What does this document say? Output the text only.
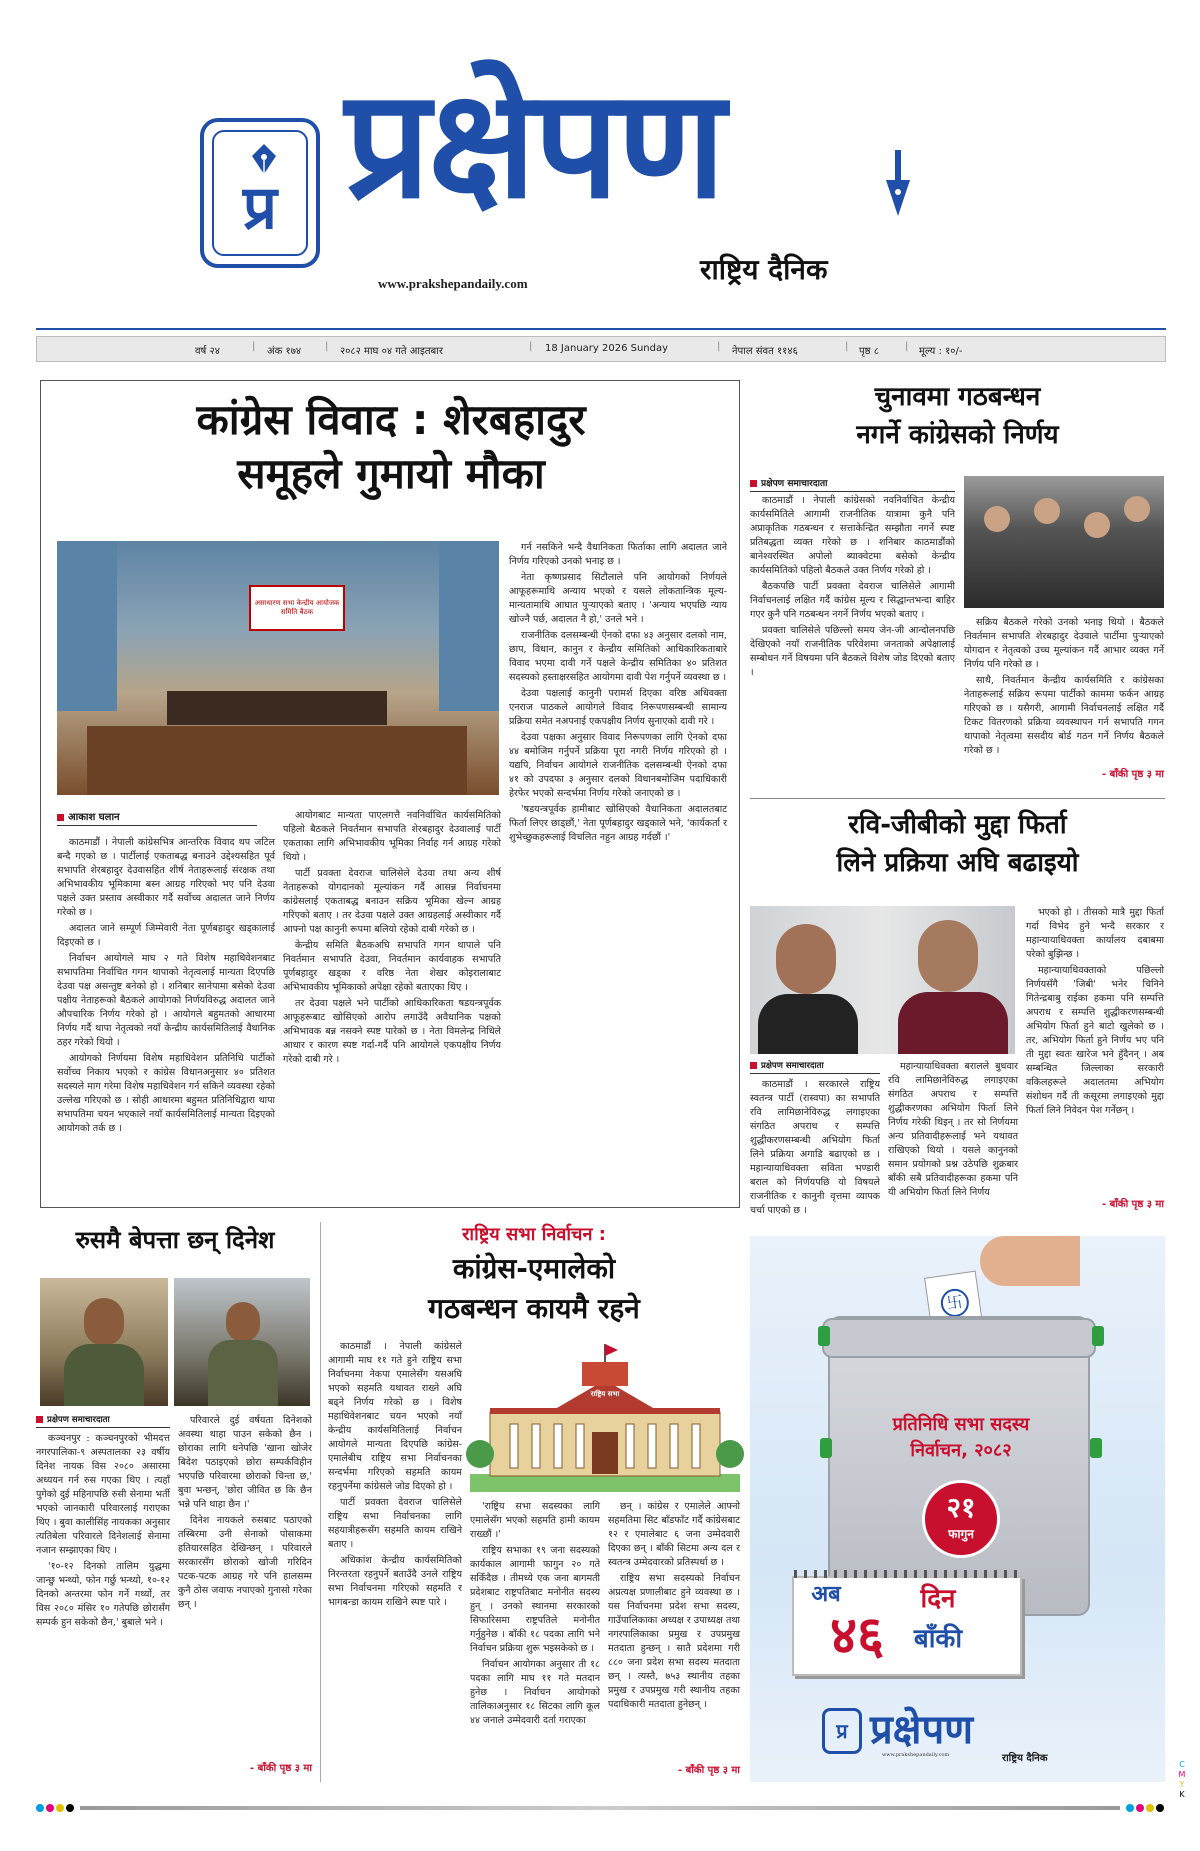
प्र प्रक्षेपण
राष्ट्रिय दैनिक
www.prakshepandaily.com
वर्ष २४	| अंक १७४ | २०८२ माघ ०४ गते आइतबार	| 18 January 2026 Sunday	| नेपाल संवत ११४६	| पृष्ठ ८	| मूल्य : १०/-
कांग्रेस विवाद : शेरबहादुर
समूहले गुमायो मौका
असाधारण सभा केन्द्रीय आयोजक समिति बैठक
आकाश घलान

काठमाडौं । नेपाली कांग्रेसभित्र आन्तरिक विवाद थप जटिल बन्दै गएको छ । पार्टीलाई एकताबद्ध बनाउने उद्देश्यसहित पूर्व सभापति शेरबहादुर देउवासहित शीर्ष नेताहरूलाई संरक्षक तथा अभिभावकीय भूमिकामा बस्न आग्रह गरिएको भए पनि देउवा पक्षले उक्त प्रस्ताव अस्वीकार गर्दै सर्वोच्च अदालत जाने निर्णय गरेको छ ।

अदालत जाने सम्पूर्ण जिम्मेवारी नेता पूर्णबहादुर खड्कालाई दिइएको छ ।

निर्वाचन आयोगले माघ २ गते विशेष महाधिवेशनबाट सभापतिमा निर्वाचित गगन थापाको नेतृत्वलाई मान्यता दिएपछि देउवा पक्ष असन्तुष्ट बनेको हो । शनिबार सानेपामा बसेको देउवा पक्षीय नेताहरूको बैठकले आयोगको निर्णयविरुद्ध अदालत जाने औपचारिक निर्णय गरेको हो । आयोगले बहुमतको आधारमा निर्णय गर्दै थापा नेतृत्वको नयाँ केन्द्रीय कार्यसमितिलाई वैधानिक ठहर गरेको थियो ।

आयोगको निर्णयमा विशेष महाधिवेशन प्रतिनिधि पार्टीको सर्वोच्च निकाय भएको र कांग्रेस विधानअनुसार ४० प्रतिशत सदस्यले माग गरेमा विशेष महाधिवेशन गर्न सकिने व्यवस्था रहेको उल्लेख गरिएको छ । सोही आधारमा बहुमत प्रतिनिधिद्वारा थापा सभापतिमा चयन भएकाले नयाँ कार्यसमितिलाई मान्यता दिइएको आयोगको तर्क छ ।

आयोगबाट मान्यता पाएलगत्तै नवनिर्वाचित कार्यसमितिको पहिलो बैठकले निवर्तमान सभापति शेरबहादुर देउवालाई पार्टी एकताका लागि अभिभावकीय भूमिका निर्वाह गर्न आग्रह गरेको थियो ।

पार्टी प्रवक्ता देवराज चालिसेले देउवा तथा अन्य शीर्ष नेताहरूको योगदानको मूल्यांकन गर्दै आसन्न निर्वाचनमा कांग्रेसलाई एकताबद्ध बनाउन सक्रिय भूमिका खेल्न आग्रह गरिएको बताए । तर देउवा पक्षले उक्त आग्रहलाई अस्वीकार गर्दै आफ्नो पक्ष कानुनी रूपमा बलियो रहेको दाबी गरेको छ ।

केन्द्रीय समिति बैठकअघि सभापति गगन थापाले पनि निवर्तमान सभापति देउवा, निवर्तमान कार्यवाहक सभापति पूर्णबहादुर खड्का र वरिष्ठ नेता शेखर कोइरालाबाट अभिभावकीय भूमिकाको अपेक्षा रहेको बताएका थिए ।

तर देउवा पक्षले भने पार्टीको आधिकारिकता षडयन्त्रपूर्वक आफूहरूबाट खोसिएको आरोप लगाउँदै अवैधानिक पक्षको अभिभावक बन्न नसक्ने स्पष्ट पारेको छ । नेता विमलेन्द्र निधिले आधार र कारण स्पष्ट गर्दा-गर्दै पनि आयोगले एकपक्षीय निर्णय गरेको दाबी गरे ।

गर्न नसकिने भन्दै वैधानिकता फिर्ताका लागि अदालत जाने निर्णय गरिएको उनको भनाइ छ ।

नेता कृष्णप्रसाद सिटौलाले पनि आयोगको निर्णयले आफूहरूमाथि अन्याय भएको र यसले लोकतान्त्रिक मूल्य-मान्यतामाथि आघात पुऱ्याएको बताए । 'अन्याय भएपछि न्याय खोज्नै पर्छ, अदालत नै हो,' उनले भने ।

राजनीतिक दलसम्बन्धी ऐनको दफा ४३ अनुसार दलको नाम, छाप, विधान, कानुन र केन्द्रीय समितिको आधिकारिकताबारे विवाद भएमा दावी गर्ने पक्षले केन्द्रीय समितिका ४० प्रतिशत सदस्यको हस्ताक्षरसहित आयोगमा दावी पेश गर्नुपर्ने व्यवस्था छ ।

देउवा पक्षलाई कानुनी परामर्श दिएका वरिष्ठ अधिवक्ता एनराज पाठकले आयोगले विवाद निरूपणसम्बन्धी सामान्य प्रक्रिया समेत नअपनाई एकपक्षीय निर्णय सुनाएको दावी गरे ।

देउवा पक्षका अनुसार विवाद निरूपणका लागि ऐनको दफा ४४ बमोजिम गर्नुपर्ने प्रक्रिया पूरा नगरी निर्णय गरिएको हो । यद्यपि, निर्वाचन आयोगले राजनीतिक दलसम्बन्धी ऐनको दफा ४१ को उपदफा ३ अनुसार दलको विधानबमोजिम पदाधिकारी हेरफेर भएको सन्दर्भमा निर्णय गरेको जनाएको छ ।

'षडयन्त्रपूर्वक हामीबाट खोसिएको वैधानिकता अदालतबाट फिर्ता लिएर छाड्छौं,' नेता पूर्णबहादुर खड्काले भने, 'कार्यकर्ता र शुभेच्छुकहरूलाई विचलित नहुन आग्रह गर्दछौं ।'

चुनावमा गठबन्धन
नगर्ने कांग्रेसको निर्णय
प्रक्षेपण समाचारदाता

काठमाडौं । नेपाली कांग्रेसको नवनिर्वाचित केन्द्रीय कार्यसमितिले आगामी राजनीतिक यात्रामा कुनै पनि अप्राकृतिक गठबन्धन र सत्ताकेन्द्रित सम्झौता नगर्ने स्पष्ट प्रतिबद्धता व्यक्त गरेको छ । शनिबार काठमाडौंको बानेश्वरस्थित अपोलो ब्याक्वेटमा बसेको केन्द्रीय कार्यसमितिको पहिलो बैठकले उक्त निर्णय गरेको हो ।

बैठकपछि पार्टी प्रवक्ता देवराज चालिसेले आगामी निर्वाचनलाई लक्षित गर्दै कांग्रेस मूल्य र सिद्धान्तभन्दा बाहिर गएर कुनै पनि गठबन्धन नगर्ने निर्णय भएको बताए ।

प्रवक्ता चालिसेले पछिल्लो समय जेन-जी आन्दोलनपछि देखिएको नयाँ राजनीतिक परिवेशमा जनताको अपेक्षालाई सम्बोधन गर्ने विषयमा पनि बैठकले विशेष जोड दिएको बताए ।

सक्रिय बैठकले गरेको उनको भनाइ थियो । बैठकले निवर्तमान सभापति शेरबहादुर देउवाले पार्टीमा पुऱ्याएको योगदान र नेतृत्वको उच्च मूल्यांकन गर्दै आभार व्यक्त गर्ने निर्णय पनि गरेको छ ।

साथै, निवर्तमान केन्द्रीय कार्यसमिति र कांग्रेसका नेताहरूलाई सक्रिय रूपमा पार्टीको काममा फर्कन आग्रह गरिएको छ । यसैगरी, आगामी निर्वाचनलाई लक्षित गर्दै टिकट वितरणको प्रक्रिया व्यवस्थापन गर्न सभापति गगन थापाको नेतृत्वमा ससदीय बोर्ड गठन गर्ने निर्णय बैठकले गरेको छ ।

- बाँकी पृष्ठ ३ मा
रवि-जीबीको मुद्दा फिर्ता
लिने प्रक्रिया अघि बढाइयो
प्रक्षेपण समाचारदाता

काठमाडौं । सरकारले राष्ट्रिय स्वतन्त्र पार्टी (रास्वपा) का सभापति रवि लामिछानेविरुद्ध लगाइएका संगठित अपराध र सम्पत्ति शुद्धीकरणसम्बन्धी अभियोग फिर्ता लिने प्रक्रिया अगाडि बढाएको छ । महान्यायाधिवक्ता सविता भण्डारी बराल को निर्णयपछि यो विषयले राजनीतिक र कानुनी वृत्तमा व्यापक चर्चा पाएको छ ।

महान्यायाधिवक्ता बरालले बुधवार रवि लामिछानेविरुद्ध लगाइएका संगठित अपराध र सम्पत्ति शुद्धीकरणका अभियोग फिर्ता लिने निर्णय गरेकी थिइन् । तर सो निर्णयमा अन्य प्रतिवादीहरूलाई भने यथावत राखिएको थियो । यसले कानुनको समान प्रयोगको प्रश्न उठेपछि शुक्रबार बाँकी सबै प्रतिवादीहरूका हकमा पनि यी अभियोग फिर्ता लिने निर्णय

भएको हो । तीसको मात्रै मुद्दा फिर्ता गर्दा विभेद हुने भन्दै सरकार र महान्यायाधिवक्ता कार्यालय दबाबमा परेको बुझिन्छ ।

महान्यायाधिवक्ताको पछिल्लो निर्णयसँगै 'जिबी' भनेर चिनिने गितेन्द्रबाबु राईका हकमा पनि सम्पत्ति अपराध र सम्पत्ति शुद्धीकरणसम्बन्धी अभियोग फिर्ता हुने बाटो खुलेको छ । तर, अभियोग फिर्ता हुने निर्णय भए पनि ती मुद्दा स्वतः खारेज भने हुँदैनन् । अब सम्बन्धित जिल्लाका सरकारी वकिलहरूले अदालतमा अभियोग संशोधन गर्दै ती कसूरमा लगाइएको मुद्दा फिर्ता लिने निवेदन पेश गर्नेछन् ।

- बाँकी पृष्ठ ३ मा
रुसमै बेपत्ता छन् दिनेश
प्रक्षेपण समाचारदाता

कञ्चनपुर : कञ्चनपुरको भीमदत्त नगरपालिका-९ अस्पतालका २३ वर्षीय दिनेश नायक विस २०८० असारमा अध्ययन गर्न रुस गएका थिए । त्यहाँ पुगेको दुई महिनापछि रुसी सेनामा भर्ती भएको जानकारी परिवारलाई गराएका थिए । बुवा कालीसिंह नायकका अनुसार त्यतिबेला परिवारले दिनेशलाई सेनामा नजान सम्झाएका थिए ।

'१०-१२ दिनको तालिम युद्धमा जान्छु भन्थ्यो, फोन गर्छु भन्थ्यो, १०-१२ दिनको अन्तरमा फोन गर्ने गर्थ्यो, तर विस २०८० मंसिर १० गतेपछि छोरासँग सम्पर्क हुन सकेको छैन,' बुबाले भने ।

परिवारले दुई वर्षयता दिनेशको अवस्था थाहा पाउन सकेको छैन । छोराका लागि धनेपछि 'खाना खोजेर बिदेश पठाइएको छोरा सम्पर्कविहीन भएपछि परिवारमा छोराको चिन्ता छ,' बुवा भन्छन्, 'छोरा जीवित छ कि छैन भन्ने पनि थाहा छैन ।'

दिनेश नायकले रुसबाट पठाएको तस्बिरमा उनी सेनाको पोसाकमा हतियारसहित देखिन्छन् । परिवारले सरकारसँग छोराको खोजी गरिदिन पटक-पटक आग्रह गरे पनि हालसम्म कुनै ठोस जवाफ नपाएको गुनासो गरेका छन् ।

- बाँकी पृष्ठ ३ मा
राष्ट्रिय सभा निर्वाचन :
कांग्रेस-एमालेको
गठबन्धन कायमै रहने

काठमाडौं । नेपाली कांग्रेसले आगामी माघ ११ गते हुने राष्ट्रिय सभा निर्वाचनमा नेकपा एमालेसँग यसअघि भएको सहमति यथावत राख्ने अघि बढ्ने निर्णय गरेको छ । विशेष महाधिवेशनबाट चयन भएको नयाँ केन्द्रीय कार्यसमितिलाई निर्वाचन आयोगले मान्यता दिएपछि कांग्रेस-एमालेबीच राष्ट्रिय सभा निर्वाचनका सन्दर्भमा गरिएको सहमति कायम रहनुपर्नेमा कांग्रेसले जोड दिएको हो ।

पार्टी प्रवक्ता देवराज चालिसेले राष्ट्रिय सभा निर्वाचनका लागि सहयात्रीहरूसँग सहमति कायम राखिने बताए ।

अधिकांश केन्द्रीय कार्यसमितिको निरन्तरता रहनुपर्ने बताउँदै उनले राष्ट्रिय सभा निर्वाचनमा गरिएको सहमति र भागबन्डा कायम राखिने स्पष्ट पारे ।

राष्ट्रिय सभा

'राष्ट्रिय सभा सदस्यका लागि एमालेसँग भएको सहमति हामी कायम राख्छौं ।'

राष्ट्रिय सभाका १९ जना सदस्यको कार्यकाल आगामी फागुन २० गते सकिँदैछ । तीमध्ये एक जना बागमती प्रदेशबाट राष्ट्रपतिबाट मनोनीत सदस्य हुन् । उनको स्थानमा सरकारको सिफारिसमा राष्ट्रपतिले मनोनीत गर्नुहुनेछ । बाँकी १८ पदका लागि भने निर्वाचन प्रक्रिया शुरू भइसकेको छ ।

निर्वाचन आयोगका अनुसार ती १८ पदका लागि माघ ११ गते मतदान हुनेछ । निर्वाचन आयोगको तालिकाअनुसार १८ सिटका लागि कूल ४४ जनाले उम्मेदवारी दर्ता गराएका

छन् । कांग्रेस र एमालेले आफ्नो सहमतिमा सिट बाँडफाँट गर्दै कांग्रेसबाट १२ र एमालेबाट ६ जना उम्मेदवारी दिएका छन् । बाँकी सिटमा अन्य दल र स्वतन्त्र उम्मेदवारको प्रतिस्पर्धा छ ।

राष्ट्रिय सभा सदस्यको निर्वाचन अप्रत्यक्ष प्रणालीबाट हुने व्यवस्था छ । यस निर्वाचनमा प्रदेश सभा सदस्य, गाउँपालिकाका अध्यक्ष र उपाध्यक्ष तथा नगरपालिकाका प्रमुख र उपप्रमुख मतदाता हुन्छन् । सातै प्रदेशमा गरी ८८० जना प्रदेश सभा सदस्य मतदाता छन् । त्यस्तै, ७५३ स्थानीय तहका प्रमुख र उपप्रमुख गरी स्थानीय तहका पदाधिकारी मतदाता हुनेछन् ।

- बाँकी पृष्ठ ३ मा
卐
प्रतिनिधि सभा सदस्य
निर्वाचन, २०८२
२१
फागुन
अब
४६
दिन
बाँकी
प्र प्रक्षेपण
राष्ट्रिय दैनिक
www.prakshepandaily.com
C
M
Y
K
